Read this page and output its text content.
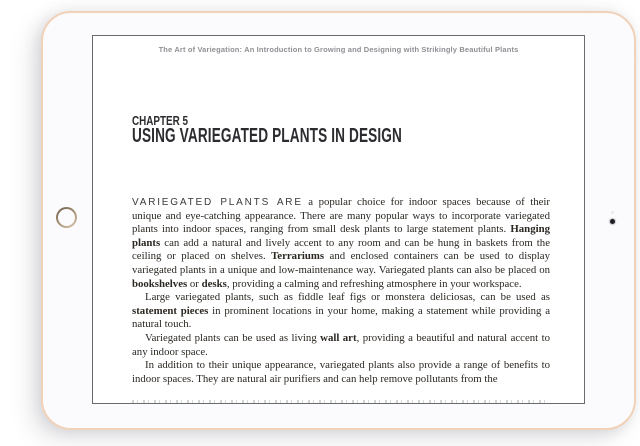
The Art of Variegation: An Introduction to Growing and Designing with Strikingly Beautiful Plants
CHAPTER 5
USING VARIEGATED PLANTS IN DESIGN

VARIEGATED PLANTS ARE a popular choice for indoor spaces because of their unique and eye-catching appearance. There are many popular ways to incorporate variegated plants into indoor spaces, ranging from small desk plants to large statement plants. Hanging plants can add a natural and lively accent to any room and can be hung in baskets from the ceiling or placed on shelves. Terrariums and enclosed containers can be used to display variegated plants in a unique and low-maintenance way. Variegated plants can also be placed on bookshelves or desks, providing a calming and refreshing atmosphere in your workspace.

Large variegated plants, such as fiddle leaf figs or monstera deliciosas, can be used as statement pieces in prominent locations in your home, making a statement while providing a natural touch.

Variegated plants can be used as living wall art, providing a beautiful and natural accent to any indoor space.

In addition to their unique appearance, variegated plants also provide a range of benefits to indoor spaces. They are natural air purifiers and can help remove pollutants from the
